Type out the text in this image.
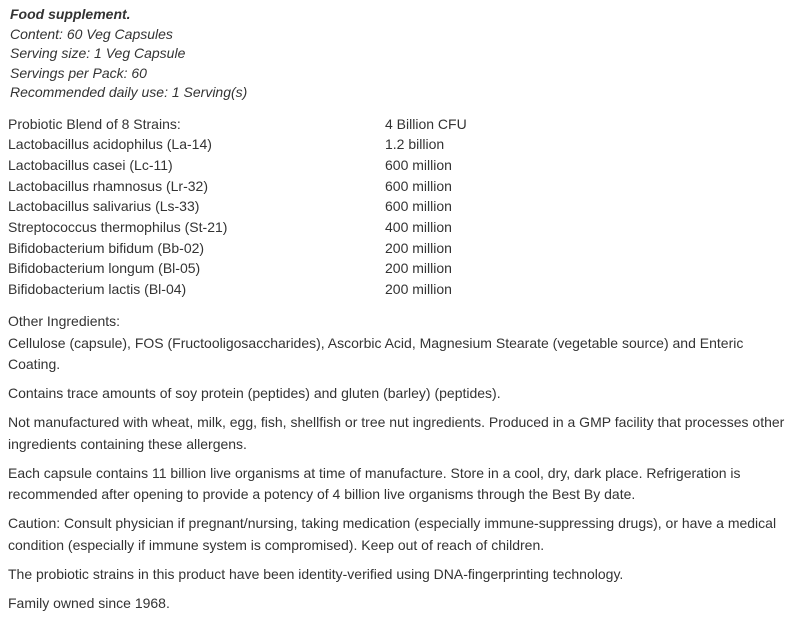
Food supplement.
Content: 60 Veg Capsules
Serving size: 1 Veg Capsule
Servings per Pack: 60
Recommended daily use: 1 Serving(s)
Probiotic Blend of 8 Strains:	4 Billion CFU
Lactobacillus acidophilus (La-14)	1.2 billion
Lactobacillus casei (Lc-11)	600 million
Lactobacillus rhamnosus (Lr-32)	600 million
Lactobacillus salivarius (Ls-33)	600 million
Streptococcus thermophilus (St-21)	400 million
Bifidobacterium bifidum (Bb-02)	200 million
Bifidobacterium longum (Bl-05)	200 million
Bifidobacterium lactis (Bl-04)	200 million

Other Ingredients:
Cellulose (capsule), FOS (Fructooligosaccharides), Ascorbic Acid, Magnesium Stearate (vegetable source) and Enteric Coating.

Contains trace amounts of soy protein (peptides) and gluten (barley) (peptides).

Not manufactured with wheat, milk, egg, fish, shellfish or tree nut ingredients. Produced in a GMP facility that processes other ingredients containing these allergens.

Each capsule contains 11 billion live organisms at time of manufacture. Store in a cool, dry, dark place. Refrigeration is recommended after opening to provide a potency of 4 billion live organisms through the Best By date.

Caution: Consult physician if pregnant/nursing, taking medication (especially immune-suppressing drugs), or have a medical condition (especially if immune system is compromised). Keep out of reach of children.

The probiotic strains in this product have been identity-verified using DNA-fingerprinting technology.

Family owned since 1968.
